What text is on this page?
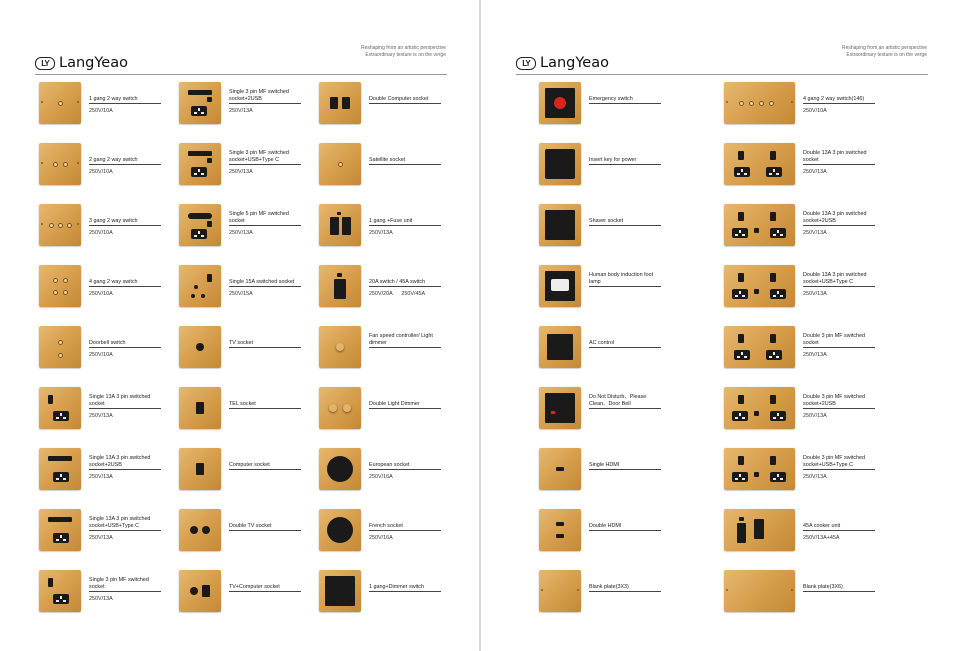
Reshaping from an artistic perspective
Extraordinary texture is on the verge
LY LangYeao
1 gang 2 way switch
250V/10A
2 gang 2 way switch
250V/10A
3 gang 2 way switch
250V/10A
4 gang 2 way switch
250V/10A
Doorbell switch
250V/10A
Single 13A 3 pin switched socket
250V/13A
Single 13A 3 pin switched socket+2USB
250V/13A
Single 13A 3 pin switched socket+USB+Type C
250V/13A
Single 3 pin MF switched socket
250V/13A
Single 3 pin MF switched socket+2USB
250V/13A
Single 3 pin MF switched socket+USB+Type C
250V/13A
Single 5 pin MF switched socket
250V/13A
Single 15A switched socket
250V/15A
TV socket
TEL socket
Computer socket
Double TV socket
TV+Computer socket
Double Computer socket
Satellite socket
1 gang +Fuse unit
250V/13A
20A switch / 45A switch
250V/20A      250V/45A
Fan speed controller/ Light dimmer
Double Light Dimmer
European socket
250V/16A
French socket
250V/16A
1 gang+Dimmer switch
Reshaping from an artistic perspective
Extraordinary texture is on the verge
LY LangYeao
Emergency switch
Insert key for power
Shaver socket
Human body induction foot lamp
AC control
Do Not Disturb、Please Clean、Door Bell
Single HDMI
Double HDMI
Blank plate(3X3)
4 gang 2 way switch(146)
250V/10A
Double 13A 3 pin switched socket
250V/13A
Double 13A 3 pin switched socket+2USB
250V/13A
Double 13A 3 pin switched socket+USB+Type C
250V/13A
Double 3 pin MF switched socket
250V/13A
Double 3 pin MF switched socket+2USB
250V/13A
Double 3 pin MF switched socket+USB+Type C
250V/13A
45A cooker unit
250V/13A+45A
Blank plate(3X6)
